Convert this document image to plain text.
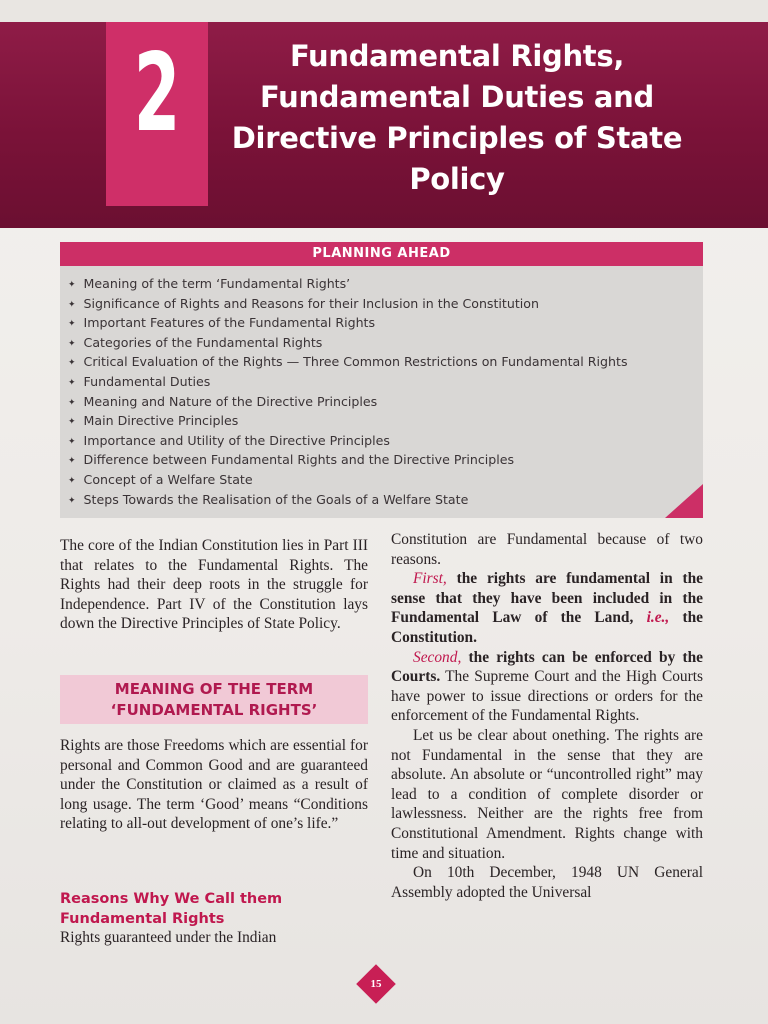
2	Fundamental Rights,
Fundamental Duties and
Directive Principles of State
Policy
PLANNING AHEAD
✦ Meaning of the term ‘Fundamental Rights’
✦ Significance of Rights and Reasons for their Inclusion in the Constitution
✦ Important Features of the Fundamental Rights
✦ Categories of the Fundamental Rights
✦ Critical Evaluation of the Rights — Three Common Restrictions on Fundamental Rights
✦ Fundamental Duties
✦ Meaning and Nature of the Directive Principles
✦ Main Directive Principles
✦ Importance and Utility of the Directive Principles
✦ Difference between Fundamental Rights and the Directive Principles
✦ Concept of a Welfare State
✦ Steps Towards the Realisation of the Goals of a Welfare State

The core of the Indian Constitution lies in Part III that relates to the Fundamental Rights. The Rights had their deep roots in the struggle for Independence. Part IV of the Constitution lays down the Directive Principles of State Policy.

MEANING OF THE TERM
‘FUNDAMENTAL RIGHTS’

Rights are those Freedoms which are essential for personal and Common Good and are guaranteed under the Constitution or claimed as a result of long usage. The term ‘Good’ means “Conditions relating to all-out development of one’s life.”

Reasons Why We Call them
Fundamental Rights

Rights guaranteed under the Indian

Constitution are Fundamental because of two reasons.

First, the rights are fundamental in the sense that they have been included in the Fundamental Law of the Land, i.e., the Constitution.

Second, the rights can be enforced by the Courts. The Supreme Court and the High Courts have power to issue directions or orders for the enforcement of the Fundamental Rights.

Let us be clear about onething. The rights are not Fundamental in the sense that they are absolute. An absolute or “uncontrolled right” may lead to a condition of complete disorder or lawlessness. Neither are the rights free from Constitutional Amendment. Rights change with time and situation.

On 10th December, 1948 UN General Assembly adopted the Universal

15
